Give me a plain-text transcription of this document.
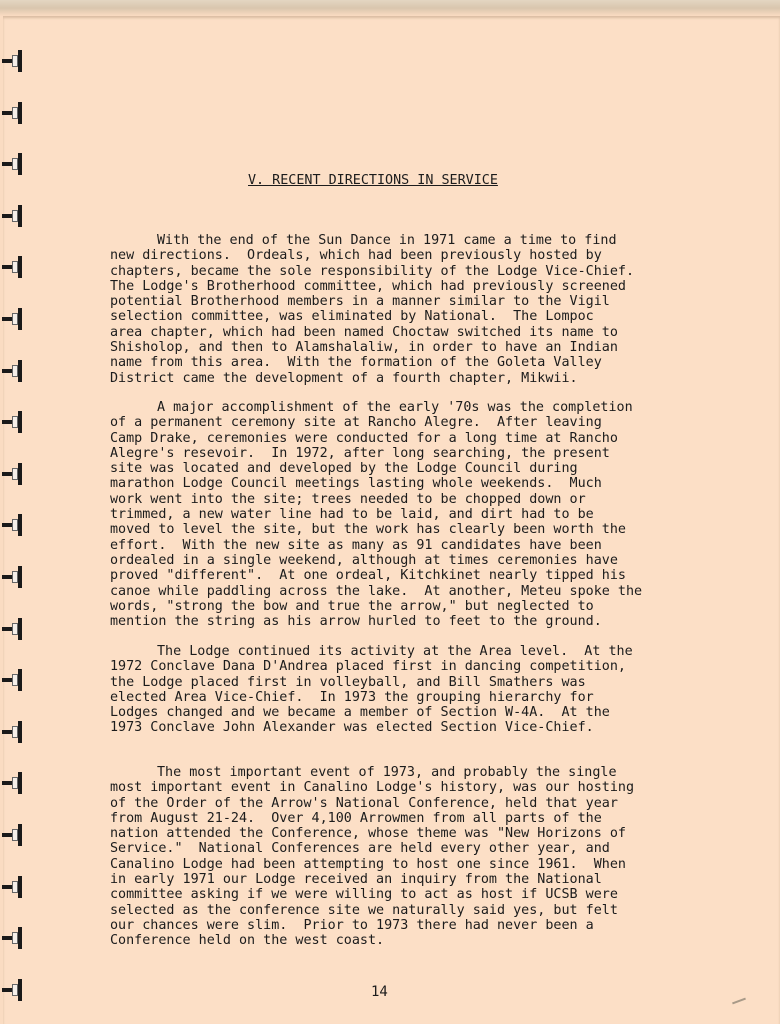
V. RECENT DIRECTIONS IN SERVICE
With the end of the Sun Dance in 1971 came a time to find
new directions.  Ordeals, which had been previously hosted by
chapters, became the sole responsibility of the Lodge Vice-Chief.
The Lodge's Brotherhood committee, which had previously screened
potential Brotherhood members in a manner similar to the Vigil
selection committee, was eliminated by National.  The Lompoc
area chapter, which had been named Choctaw switched its name to
Shisholop, and then to Alamshalaliw, in order to have an Indian
name from this area.  With the formation of the Goleta Valley
District came the development of a fourth chapter, Mikwii.
A major accomplishment of the early '70s was the completion
of a permanent ceremony site at Rancho Alegre.  After leaving
Camp Drake, ceremonies were conducted for a long time at Rancho
Alegre's resevoir.  In 1972, after long searching, the present
site was located and developed by the Lodge Council during
marathon Lodge Council meetings lasting whole weekends.  Much
work went into the site; trees needed to be chopped down or
trimmed, a new water line had to be laid, and dirt had to be
moved to level the site, but the work has clearly been worth the
effort.  With the new site as many as 91 candidates have been
ordealed in a single weekend, although at times ceremonies have
proved "different".  At one ordeal, Kitchkinet nearly tipped his
canoe while paddling across the lake.  At another, Meteu spoke the
words, "strong the bow and true the arrow," but neglected to
mention the string as his arrow hurled to feet to the ground.
The Lodge continued its activity at the Area level.  At the
1972 Conclave Dana D'Andrea placed first in dancing competition,
the Lodge placed first in volleyball, and Bill Smathers was
elected Area Vice-Chief.  In 1973 the grouping hierarchy for
Lodges changed and we became a member of Section W-4A.  At the
1973 Conclave John Alexander was elected Section Vice-Chief.
The most important event of 1973, and probably the single
most important event in Canalino Lodge's history, was our hosting
of the Order of the Arrow's National Conference, held that year
from August 21-24.  Over 4,100 Arrowmen from all parts of the
nation attended the Conference, whose theme was "New Horizons of
Service."  National Conferences are held every other year, and
Canalino Lodge had been attempting to host one since 1961.  When
in early 1971 our Lodge received an inquiry from the National
committee asking if we were willing to act as host if UCSB were
selected as the conference site we naturally said yes, but felt
our chances were slim.  Prior to 1973 there had never been a
Conference held on the west coast.
14
